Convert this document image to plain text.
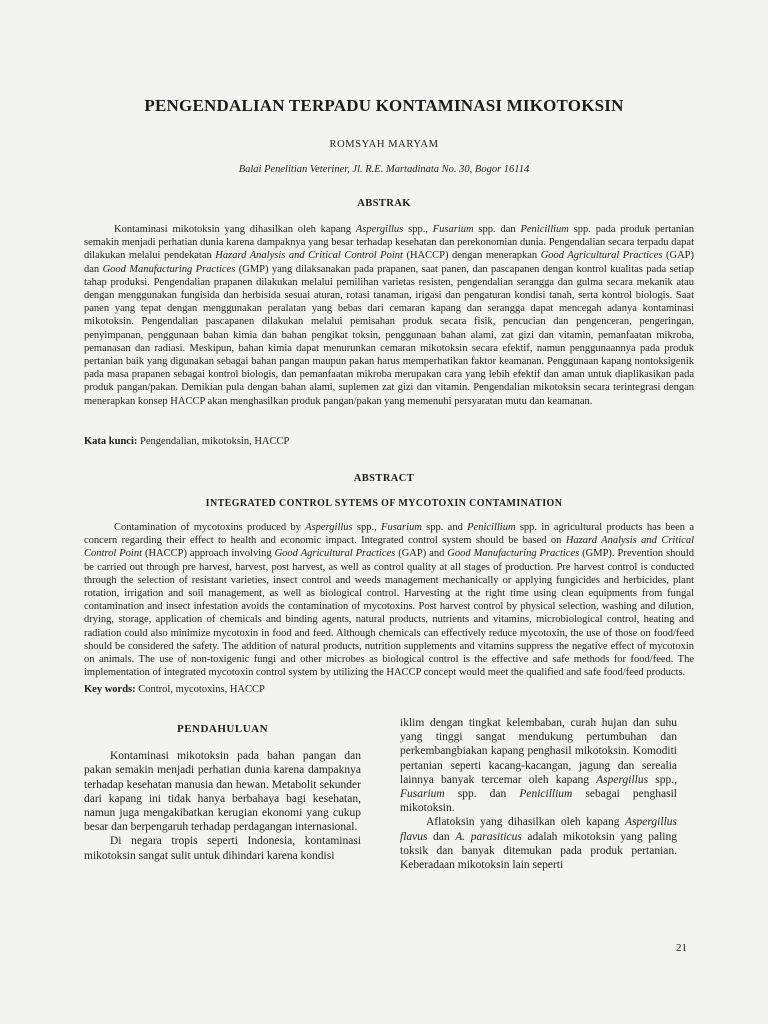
PENGENDALIAN TERPADU KONTAMINASI MIKOTOKSIN
ROMSYAH MARYAM
Balai Penelitian Veteriner, Jl. R.E. Martadinata No. 30, Bogor 16114
ABSTRAK

Kontaminasi mikotoksin yang dihasilkan oleh kapang Aspergillus spp., Fusarium spp. dan Penicillium spp. pada produk pertanian semakin menjadi perhatian dunia karena dampaknya yang besar terhadap kesehatan dan perekonomian dunia. Pengendalian secara terpadu dapat dilakukan melalui pendekatan Hazard Analysis and Critical Control Point (HACCP) dengan menerapkan Good Agricultural Practices (GAP) dan Good Manufacturing Practices (GMP) yang dilaksanakan pada prapanen, saat panen, dan pascapanen dengan kontrol kualitas pada setiap tahap produksi. Pengendalian prapanen dilakukan melalui pemilihan varietas resisten, pengendalian serangga dan gulma secara mekanik atau dengan menggunakan fungisida dan herbisida sesuai aturan, rotasi tanaman, irigasi dan pengaturan kondisi tanah, serta kontrol biologis. Saat panen yang tepat dengan menggunakan peralatan yang bebas dari cemaran kapang dan serangga dapat mencegah adanya kontaminasi mikotoksin. Pengendalian pascapanen dilakukan melalui pemisahan produk secara fisik, pencucian dan pengenceran, pengeringan, penyimpanan, penggunaan bahan kimia dan bahan pengikat toksin, penggunaan bahan alami, zat gizi dan vitamin, pemanfaatan mikroba, pemanasan dan radiasi. Meskipun, bahan kimia dapat menurunkan cemaran mikotoksin secara efektif, namun penggunaannya pada produk pertanian baik yang digunakan sebagai bahan pangan maupun pakan harus memperhatikan faktor keamanan. Penggunaan kapang nontoksigenik pada masa prapanen sebagai kontrol biologis, dan pemanfaatan mikroba merupakan cara yang lebih efektif dan aman untuk diaplikasikan pada produk pangan/pakan. Demikian pula dengan bahan alami, suplemen zat gizi dan vitamin. Pengendalian mikotoksin secara terintegrasi dengan menerapkan konsep HACCP akan menghasilkan produk pangan/pakan yang memenuhi persyaratan mutu dan keamanan.

Kata kunci: Pengendalian, mikotoksin, HACCP
ABSTRACT
INTEGRATED CONTROL SYTEMS OF MYCOTOXIN CONTAMINATION

Contamination of mycotoxins produced by Aspergillus spp., Fusarium spp. and Penicillium spp. in agricultural products has been a concern regarding their effect to health and economic impact. Integrated control system should be based on Hazard Analysis and Critical Control Point (HACCP) approach involving Good Agricultural Practices (GAP) and Good Manufacturing Practices (GMP). Prevention should be carried out through pre harvest, harvest, post harvest, as well as control quality at all stages of production. Pre harvest control is conducted through the selection of resistant varieties, insect control and weeds management mechanically or applying fungicides and herbicides, plant rotation, irrigation and soil management, as well as biological control. Harvesting at the right time using clean equipments from fungal contamination and insect infestation avoids the contamination of mycotoxins. Post harvest control by physical selection, washing and dilution, drying, storage, application of chemicals and binding agents, natural products, nutrients and vitamins, microbiological control, heating and radiation could also minimize mycotoxin in food and feed. Although chemicals can effectively reduce mycotoxin, the use of those on food/feed should be considered the safety. The addition of natural products, nutrition supplements and vitamins suppress the negative effect of mycotoxin on animals. The use of non-toxigenic fungi and other microbes as biological control is the effective and safe methods for food/feed. The implementation of integrated mycotoxin control system by utilizing the HACCP concept would meet the qualified and safe food/feed products.

Key words: Control, mycotoxins, HACCP
PENDAHULUAN

Kontaminasi mikotoksin pada bahan pangan dan pakan semakin menjadi perhatian dunia karena dampaknya terhadap kesehatan manusia dan hewan. Metabolit sekunder dari kapang ini tidak hanya berbahaya bagi kesehatan, namun juga mengakibatkan kerugian ekonomi yang cukup besar dan berpengaruh terhadap perdagangan internasional.

Di negara tropis seperti Indonesia, kontaminasi mikotoksin sangat sulit untuk dihindari karena kondisi

iklim dengan tingkat kelembaban, curah hujan dan suhu yang tinggi sangat mendukung pertumbuhan dan perkembangbiakan kapang penghasil mikotoksin. Komoditi pertanian seperti kacang-kacangan, jagung dan serealia lainnya banyak tercemar oleh kapang Aspergillus spp., Fusarium spp. dan Penicillium sebagai penghasil mikotoksin.

Aflatoksin yang dihasilkan oleh kapang Aspergillus flavus dan A. parasiticus adalah mikotoksin yang paling toksik dan banyak ditemukan pada produk pertanian. Keberadaan mikotoksin lain seperti

21
